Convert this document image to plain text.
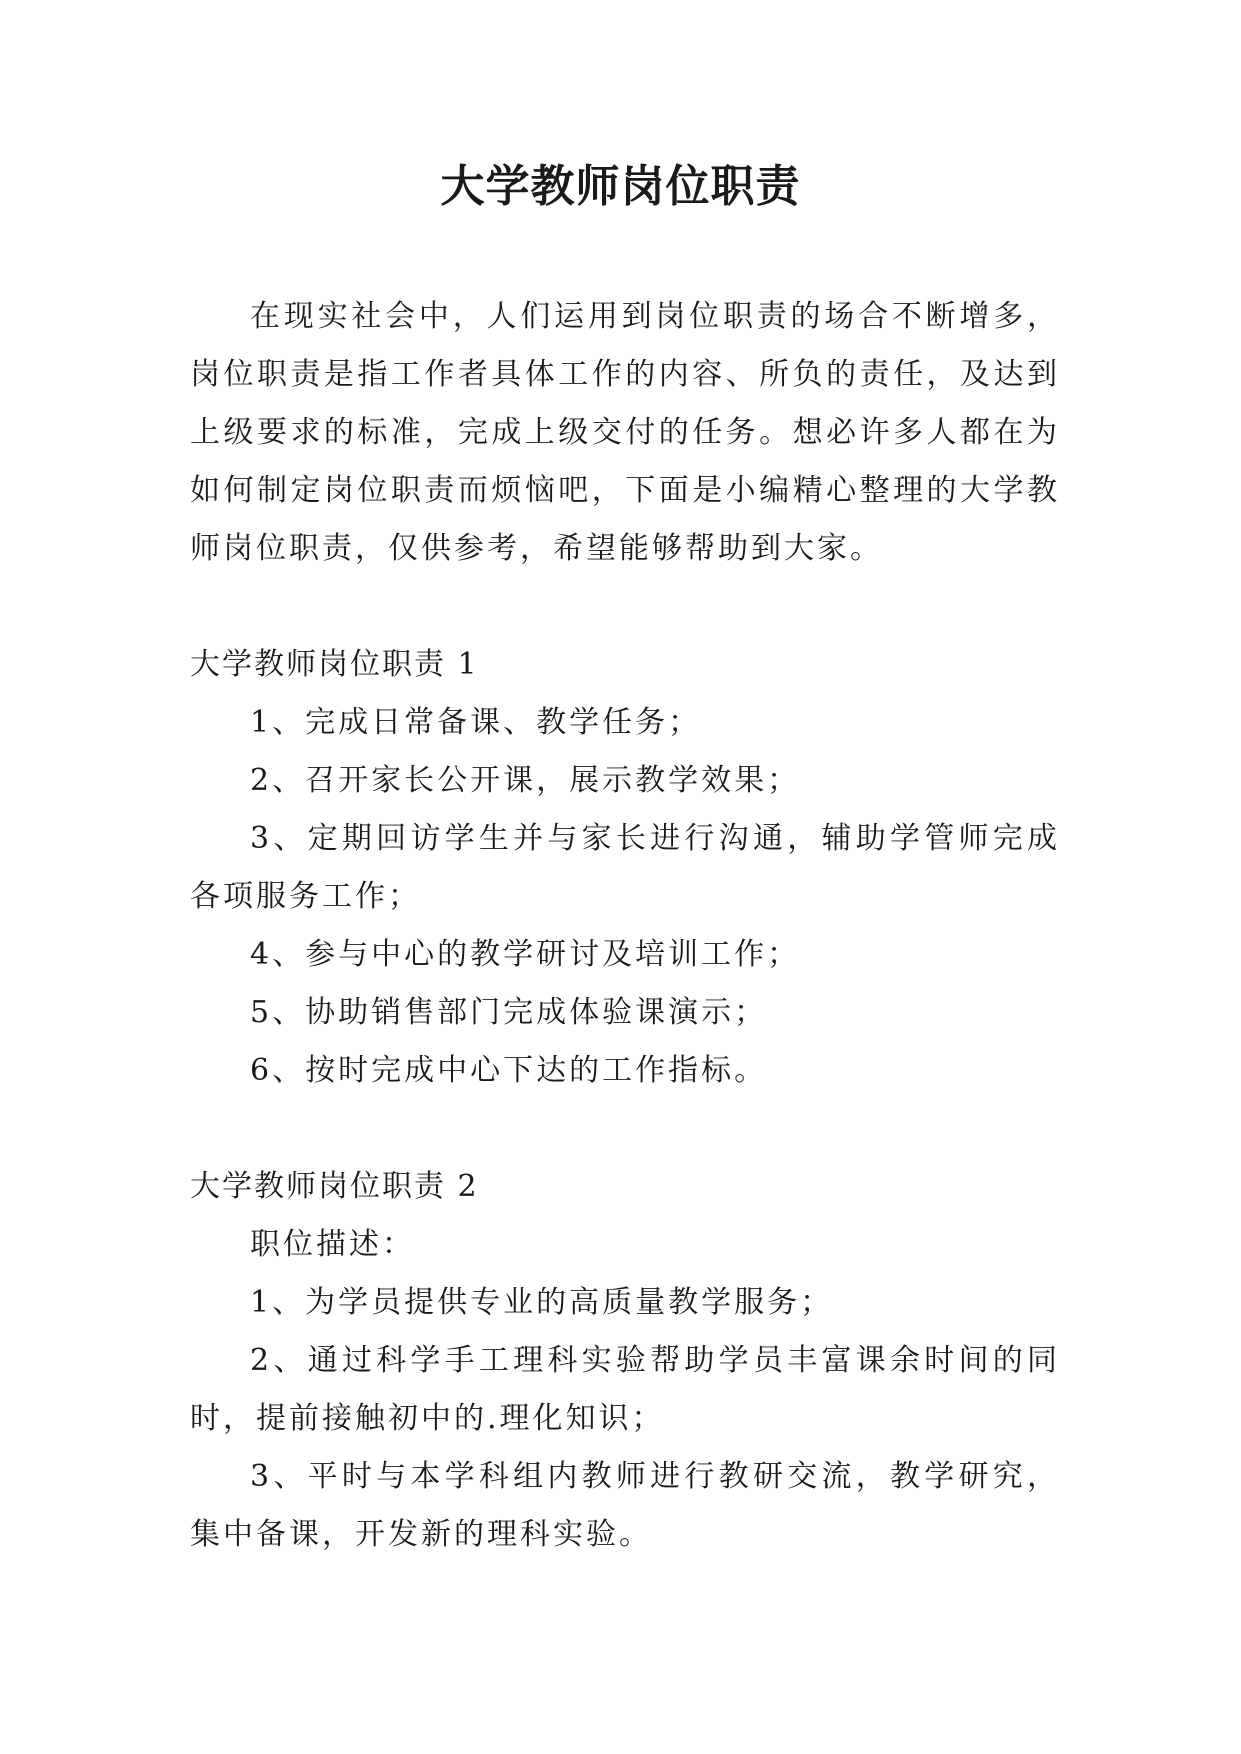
大学教师岗位职责

在现实社会中，人们运用到岗位职责的场合不断增多，岗位职责是指工作者具体工作的内容、所负的责任，及达到上级要求的标准，完成上级交付的任务。想必许多人都在为如何制定岗位职责而烦恼吧，下面是小编精心整理的大学教师岗位职责，仅供参考，希望能够帮助到大家。

大学教师岗位职责 1

1、完成日常备课、教学任务；

2、召开家长公开课，展示教学效果；

3、定期回访学生并与家长进行沟通，辅助学管师完成各项服务工作；

4、参与中心的教学研讨及培训工作；

5、协助销售部门完成体验课演示；

6、按时完成中心下达的工作指标。

大学教师岗位职责 2

职位描述：

1、为学员提供专业的高质量教学服务；

2、通过科学手工理科实验帮助学员丰富课余时间的同时，提前接触初中的.理化知识；

3、平时与本学科组内教师进行教研交流，教学研究，集中备课，开发新的理科实验。
